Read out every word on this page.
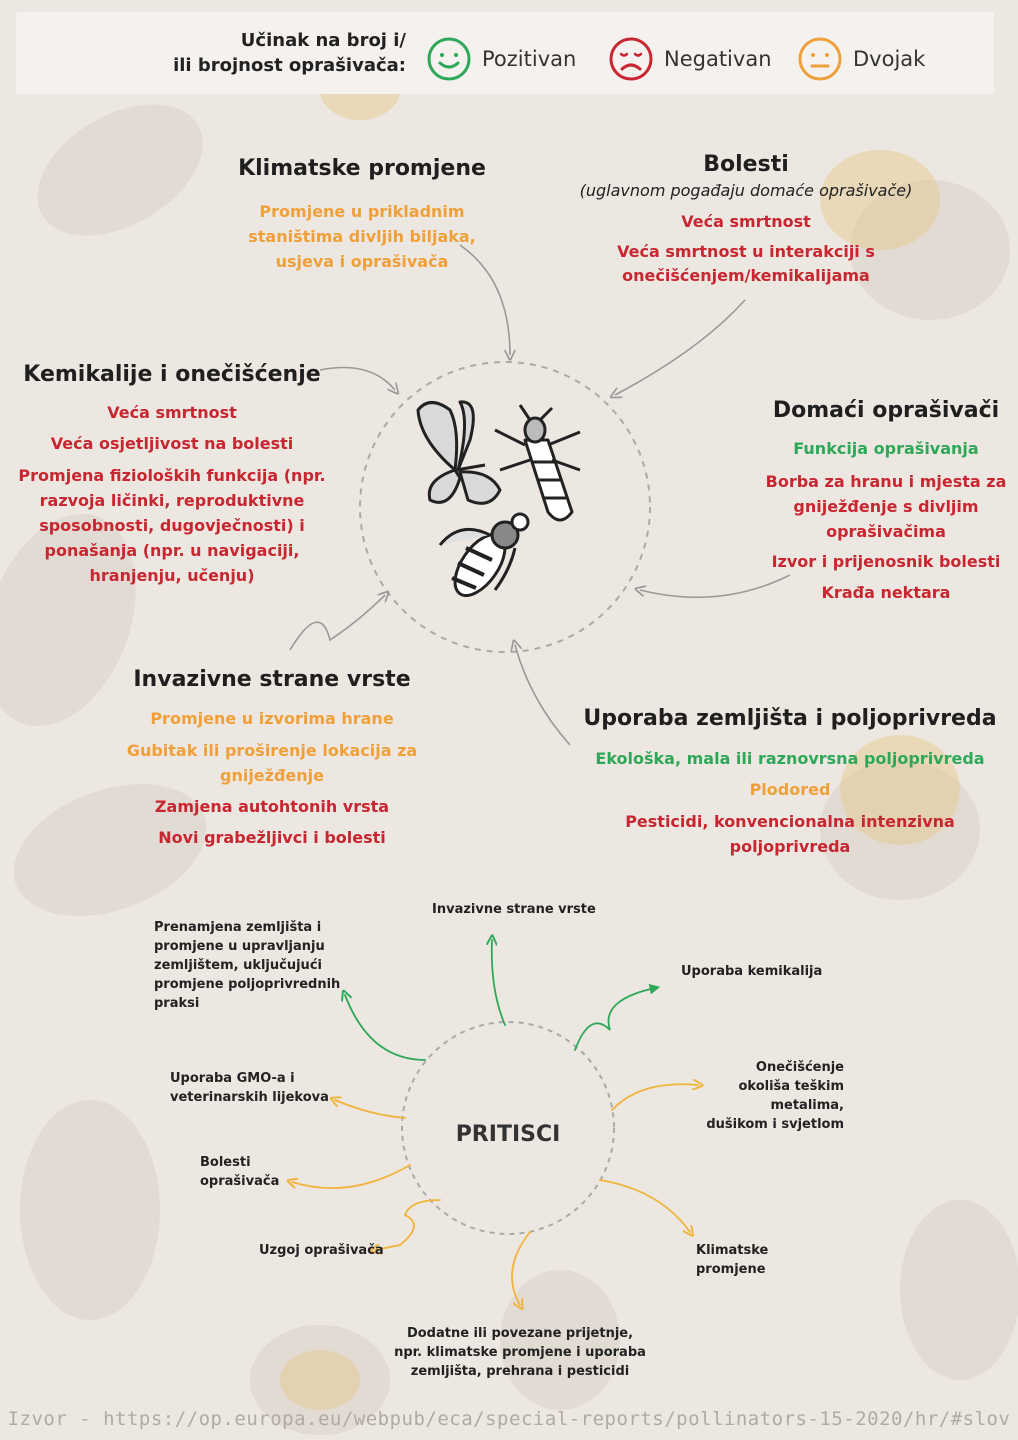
Učinak na broj i/
ili brojnost oprašivača:	Pozitivan	Negativan	Dvojak
Klimatske promjene
Promjene u prikladnim
staništima divljih biljaka,
usjeva i oprašivača
Bolesti
(uglavnom pogađaju domaće oprašivače)
Veća smrtnost
Veća smrtnost u interakciji s
onečišćenjem/kemikalijama
Kemikalije i onečišćenje
Veća smrtnost
Veća osjetljivost na bolesti
Promjena fizioloških funkcija (npr.
razvoja ličinki, reproduktivne
sposobnosti, dugovječnosti) i
ponašanja (npr. u navigaciji,
hranjenju, učenju)
Domaći oprašivači
Funkcija oprašivanja
Borba za hranu i mjesta za
gniježđenje s divljim
oprašivačima
Izvor i prijenosnik bolesti
Krađa nektara
Invazivne strane vrste
Promjene u izvorima hrane
Gubitak ili proširenje lokacija za
gniježđenje
Zamjena autohtonih vrsta
Novi grabežljivci i bolesti
Uporaba zemljišta i poljoprivreda
Ekološka, mala ili raznovrsna poljoprivreda
Plodored
Pesticidi, konvencionalna intenzivna
poljoprivreda
PRITISCI
Prenamjena zemljišta i
promjene u upravljanju
zemljištem, uključujući
promjene poljoprivrednih
praksi
Invazivne strane vrste
Uporaba kemikalija
Uporaba GMO-a i
veterinarskih lijekova
Onečišćenje
okoliša teškim
metalima,
dušikom i svjetlom
Bolesti
oprašivača
Uzgoj oprašivača	Klimatske
promjene
Dodatne ili povezane prijetnje,
npr. klimatske promjene i uporaba
zemljišta, prehrana i pesticidi
Izvor - https://op.europa.eu/webpub/eca/special-reports/pollinators-15-2020/hr/#slov
